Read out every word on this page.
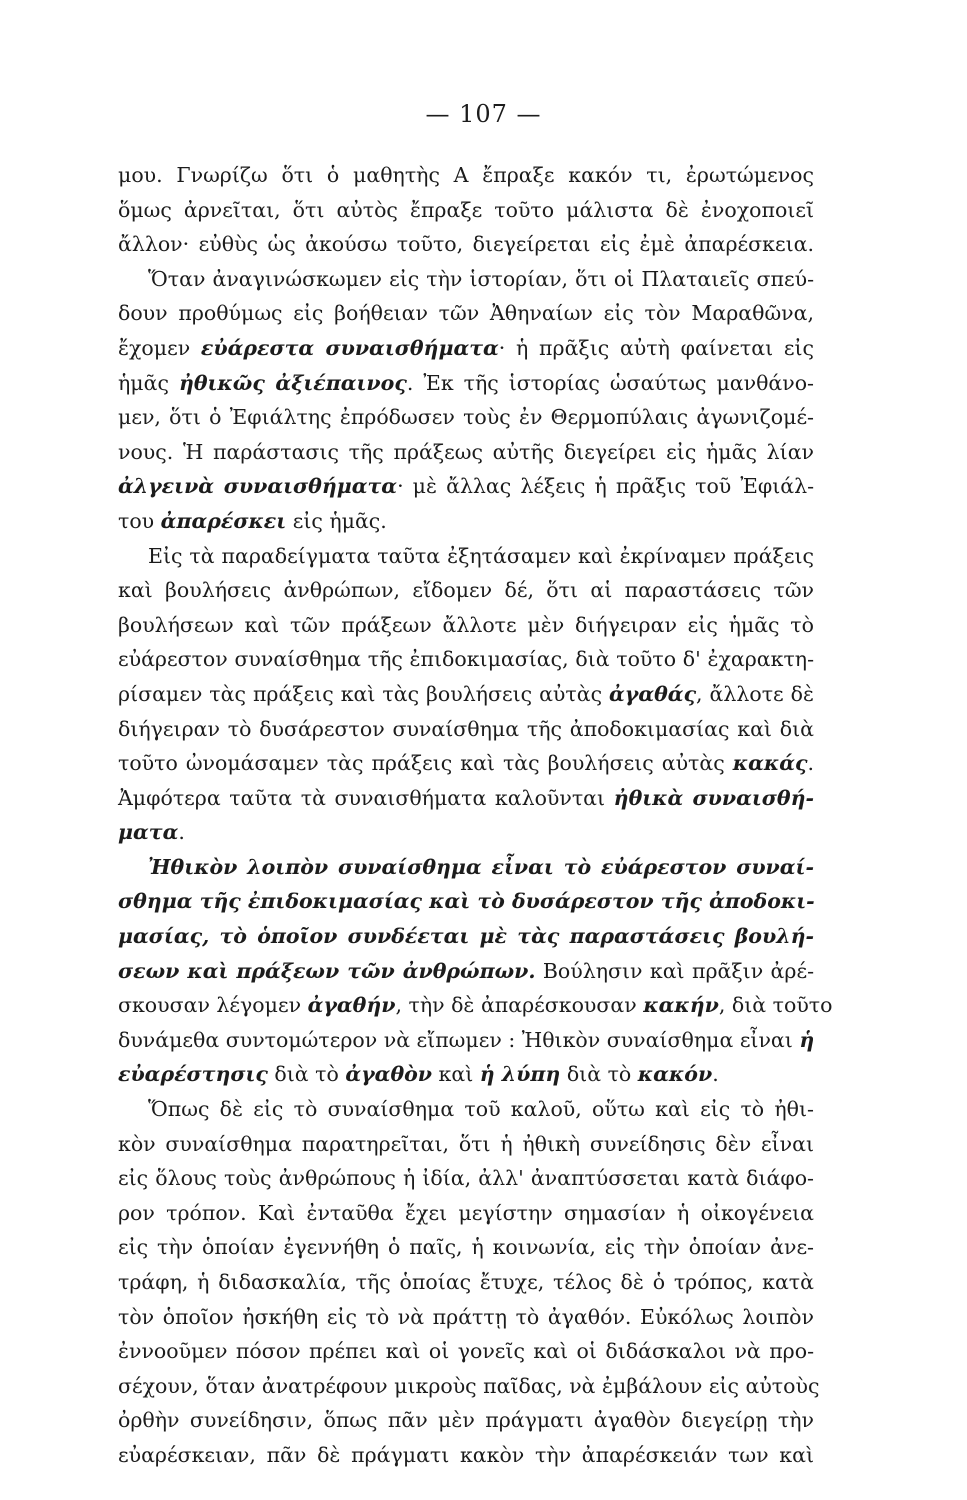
— 107 —
μου. Γνωρίζω ὅτι ὁ μαθητὴς Α ἔπραξε κακόν τι, ἐρωτώμενος
ὅμως ἀρνεῖται, ὅτι αὐτὸς ἔπραξε τοῦτο μάλιστα δὲ ἐνοχοποιεῖ
ἄλλον· εὐθὺς ὡς ἀκούσω τοῦτο, διεγείρεται εἰς ἐμὲ ἀπαρέσκεια.
Ὅταν ἀναγινώσκωμεν εἰς τὴν ἱστορίαν, ὅτι οἱ Πλαταιεῖς σπεύ-
δουν προθύμως εἰς βοήθειαν τῶν Ἀθηναίων εἰς τὸν Μαραθῶνα,
ἔχομεν εὐάρεστα συναισθήματα· ἡ πρᾶξις αὐτὴ φαίνεται εἰς
ἡμᾶς ἠθικῶς ἀξιέπαινος. Ἐκ τῆς ἱστορίας ὡσαύτως μανθάνο-
μεν, ὅτι ὁ Ἐφιάλτης ἐπρόδωσεν τοὺς ἐν Θερμοπύλαις ἀγωνιζομέ-
νους. Ἡ παράστασις τῆς πράξεως αὐτῆς διεγείρει εἰς ἡμᾶς λίαν
ἀλγεινὰ συναισθήματα· μὲ ἄλλας λέξεις ἡ πρᾶξις τοῦ Ἐφιάλ-
του ἀπαρέσκει εἰς ἡμᾶς.
Εἰς τὰ παραδείγματα ταῦτα ἐξητάσαμεν καὶ ἐκρίναμεν πράξεις
καὶ βουλήσεις ἀνθρώπων, εἴδομεν δέ, ὅτι αἱ παραστάσεις τῶν
βουλήσεων καὶ τῶν πράξεων ἄλλοτε μὲν διήγειραν εἰς ἡμᾶς τὸ
εὐάρεστον συναίσθημα τῆς ἐπιδοκιμασίας, διὰ τοῦτο δ' ἐχαρακτη-
ρίσαμεν τὰς πράξεις καὶ τὰς βουλήσεις αὐτὰς ἀγαθάς, ἄλλοτε δὲ
διήγειραν τὸ δυσάρεστον συναίσθημα τῆς ἀποδοκιμασίας καὶ διὰ
τοῦτο ὠνομάσαμεν τὰς πράξεις καὶ τὰς βουλήσεις αὐτὰς κακάς.
Ἀμφότερα ταῦτα τὰ συναισθήματα καλοῦνται ἠθικὰ συναισθή-
ματα.
Ἠθικὸν λοιπὸν συναίσθημα εἶναι τὸ εὐάρεστον συναί-
σθημα τῆς ἐπιδοκιμασίας καὶ τὸ δυσάρεστον τῆς ἀποδοκι-
μασίας, τὸ ὁποῖον συνδέεται μὲ τὰς παραστάσεις βουλή-
σεων καὶ πράξεων τῶν ἀνθρώπων. Βούλησιν καὶ πρᾶξιν ἀρέ-
σκουσαν λέγομεν ἀγαθήν, τὴν δὲ ἀπαρέσκουσαν κακήν, διὰ τοῦτο
δυνάμεθα συντομώτερον νὰ εἴπωμεν : Ἠθικὸν συναίσθημα εἶναι ἡ
εὐαρέστησις διὰ τὸ ἀγαθὸν καὶ ἡ λύπη διὰ τὸ κακόν.
Ὅπως δὲ εἰς τὸ συναίσθημα τοῦ καλοῦ, οὕτω καὶ εἰς τὸ ἠθι-
κὸν συναίσθημα παρατηρεῖται, ὅτι ἡ ἠθικὴ συνείδησις δὲν εἶναι
εἰς ὅλους τοὺς ἀνθρώπους ἡ ἰδία, ἀλλ' ἀναπτύσσεται κατὰ διάφο-
ρον τρόπον. Καὶ ἐνταῦθα ἔχει μεγίστην σημασίαν ἡ οἰκογένεια
εἰς τὴν ὁποίαν ἐγεννήθη ὁ παῖς, ἡ κοινωνία, εἰς τὴν ὁποίαν ἀνε-
τράφη, ἡ διδασκαλία, τῆς ὁποίας ἔτυχε, τέλος δὲ ὁ τρόπος, κατὰ
τὸν ὁποῖον ἠσκήθη εἰς τὸ νὰ πράττῃ τὸ ἀγαθόν. Εὐκόλως λοιπὸν
ἐννοοῦμεν πόσον πρέπει καὶ οἱ γονεῖς καὶ οἱ διδάσκαλοι νὰ προ-
σέχουν, ὅταν ἀνατρέφουν μικροὺς παῖδας, νὰ ἐμβάλουν εἰς αὐτοὺς
ὀρθὴν συνείδησιν, ὅπως πᾶν μὲν πράγματι ἀγαθὸν διεγείρῃ τὴν
εὐαρέσκειαν, πᾶν δὲ πράγματι κακὸν τὴν ἀπαρέσκειάν των καὶ
